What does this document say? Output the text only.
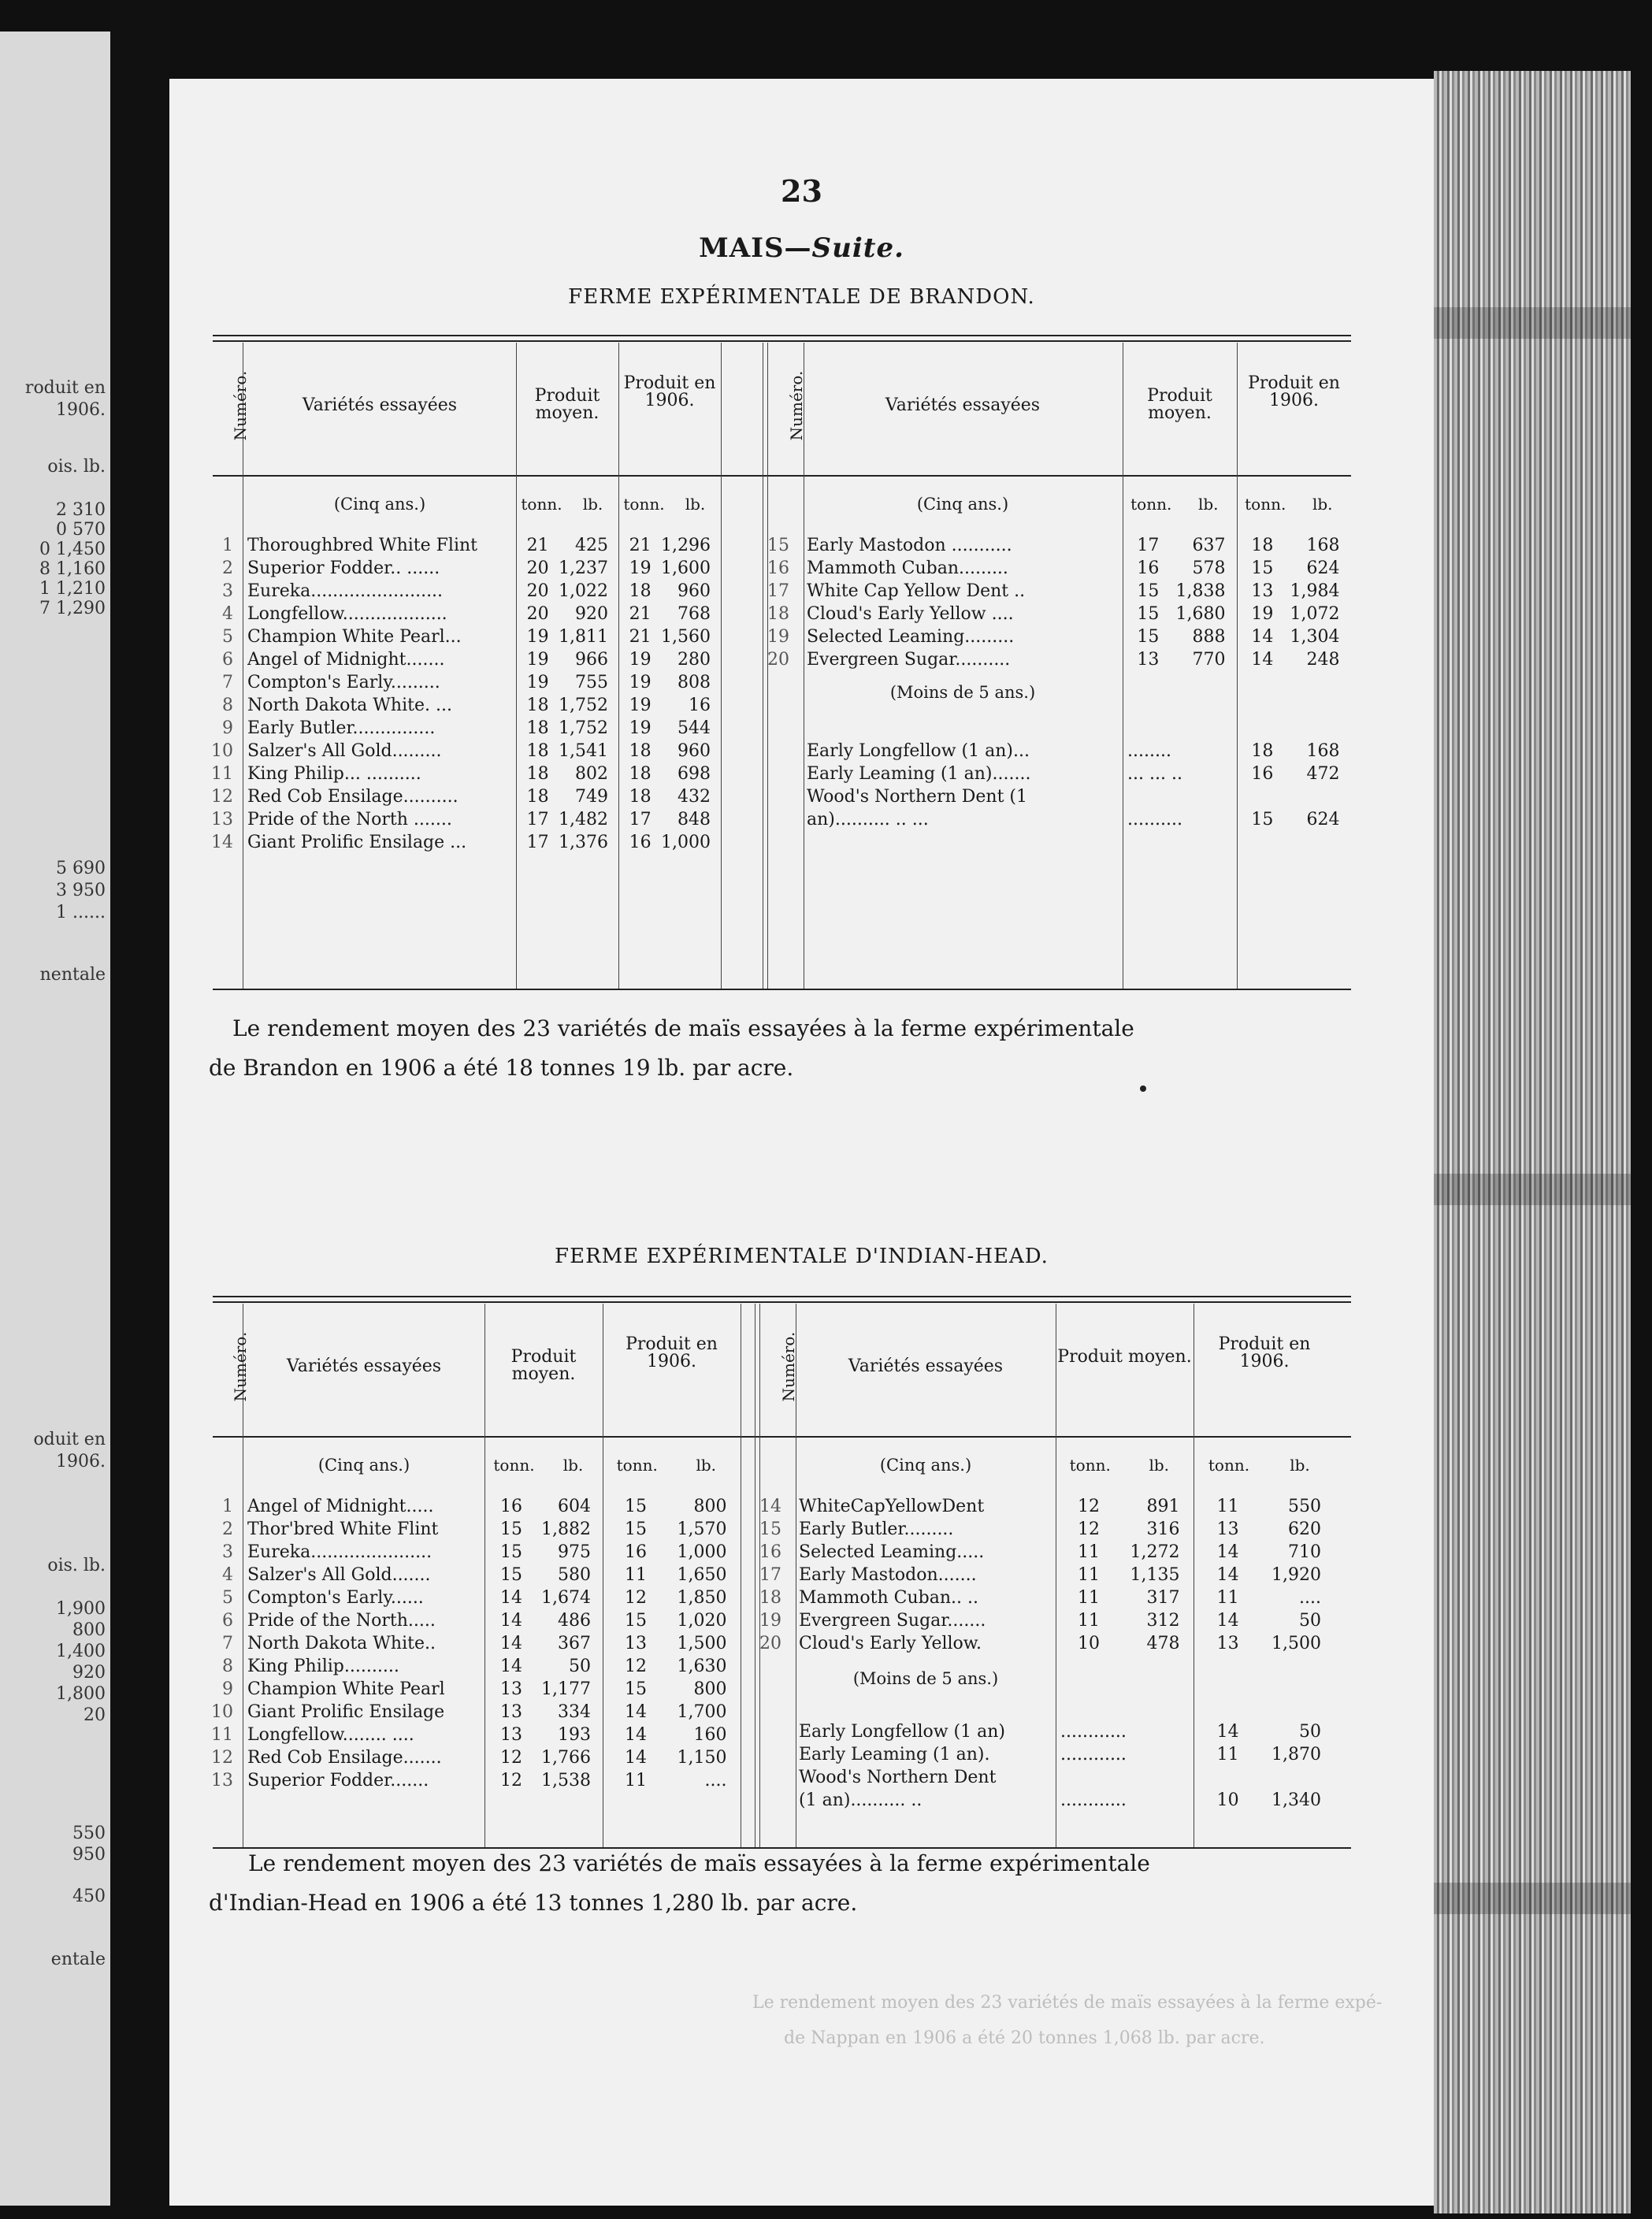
roduit en
1906.
ois. lb.
2 310
0 570
0 1,450
8 1,160
1 1,210
7 1,290
5 690
3 950
1 ......
nentale
oduit en
1906.
ois. lb.
1,900
800
1,400
920
1,800
20
550
950
450
entale
23
MAIS—Suite.
FERME EXPÉRIMENTALE DE BRANDON.
Numéro.	Variétés essayées	Produit moyen.
Produit en 1906.
tonn.	lb.	tonn.	lb.
(Cinq ans.)
Numéro.	Variétés essayées	Produit moyen.
Produit en 1906.
tonn.	lb.	tonn.	lb.
(Cinq ans.)
1 Thoroughbred White Flint	21	425	21 1,296
2 Superior Fodder.. ......	20 1,237	19 1,600
3 Eureka........................	20 1,022	18	960
4 Longfellow...................	20	920	21	768
5 Champion White Pearl...	19 1,811	21 1,560
6 Angel of Midnight.......	19	966	19	280
7 Compton's Early.........	19	755	19	808
8 North Dakota White. ...	18 1,752	19	16
9 Early Butler...............	18 1,752	19	544
10 Salzer's All Gold.........	18 1,541	18	960
11 King Philip... ..........	18	802	18	698
12 Red Cob Ensilage..........	18	749	18	432
13 Pride of the North .......	17 1,482	17	848
14 Giant Prolific Ensilage ...	17 1,376	16 1,000
15 Early Mastodon ...........	17	637	18	168
16 Mammoth Cuban.........	16	578	15	624
17 White Cap Yellow Dent ..	15 1,838	13 1,984
18 Cloud's Early Yellow ....	15 1,680	19 1,072
19 Selected Leaming.........	15	888	14 1,304
20 Evergreen Sugar..........	13	770	14	248
(Moins de 5 ans.)
Early Longfellow (1 an)...	........	18	168
Early Leaming (1 an).......	... ... ..	16	472
Wood's Northern Dent (1
an).......... .. ...	..........	15	624
Le rendement moyen des 23 variétés de maïs essayées à la ferme expérimentale
de Brandon en 1906 a été 18 tonnes 19 lb. par acre.
FERME EXPÉRIMENTALE D'INDIAN-HEAD.
Numéro.	Variétés essayées	Produit moyen.
Produit en 1906.
tonn.	lb.	tonn.	lb.
(Cinq ans.)
Numéro.	Variétés essayées	Produit moyen.
Produit en 1906.
tonn.	lb.	tonn.	lb.
(Cinq ans.)
1 Angel of Midnight.....	16	604	15	800
2 Thor'bred White Flint	15	1,882	15	1,570
3 Eureka......................	15	975	16	1,000
4 Salzer's All Gold.......	15	580	11	1,650
5 Compton's Early......	14	1,674	12	1,850
6 Pride of the North.....	14	486	15	1,020
7 North Dakota White..	14	367	13	1,500
8 King Philip..........	14	50	12	1,630
9 Champion White Pearl	13	1,177	15	800
10 Giant Prolific Ensilage	13	334	14	1,700
11 Longfellow........ ....	13	193	14	160
12 Red Cob Ensilage.......	12	1,766	14	1,150
13 Superior Fodder.......	12	1,538	11	....
14 WhiteCapYellowDent	12	891	11	550
15 Early Butler.........	12	316	13	620
16 Selected Leaming.....	11	1,272	14	710
17 Early Mastodon.......	11	1,135	14	1,920
18 Mammoth Cuban.. ..	11	317	11	....
19 Evergreen Sugar.......	11	312	14	50
20 Cloud's Early Yellow.	10	478	13	1,500
(Moins de 5 ans.)
Early Longfellow (1 an)	............	14	50
Early Leaming (1 an).	............	11	1,870
Wood's Northern Dent
(1 an).......... ..	............	10	1,340
Le rendement moyen des 23 variétés de maïs essayées à la ferme expérimentale
d'Indian-Head en 1906 a été 13 tonnes 1,280 lb. par acre.
Le rendement moyen des 23 variétés de maïs essayées à la ferme expé-
de Nappan en 1906 a été 20 tonnes 1,068 lb. par acre.
